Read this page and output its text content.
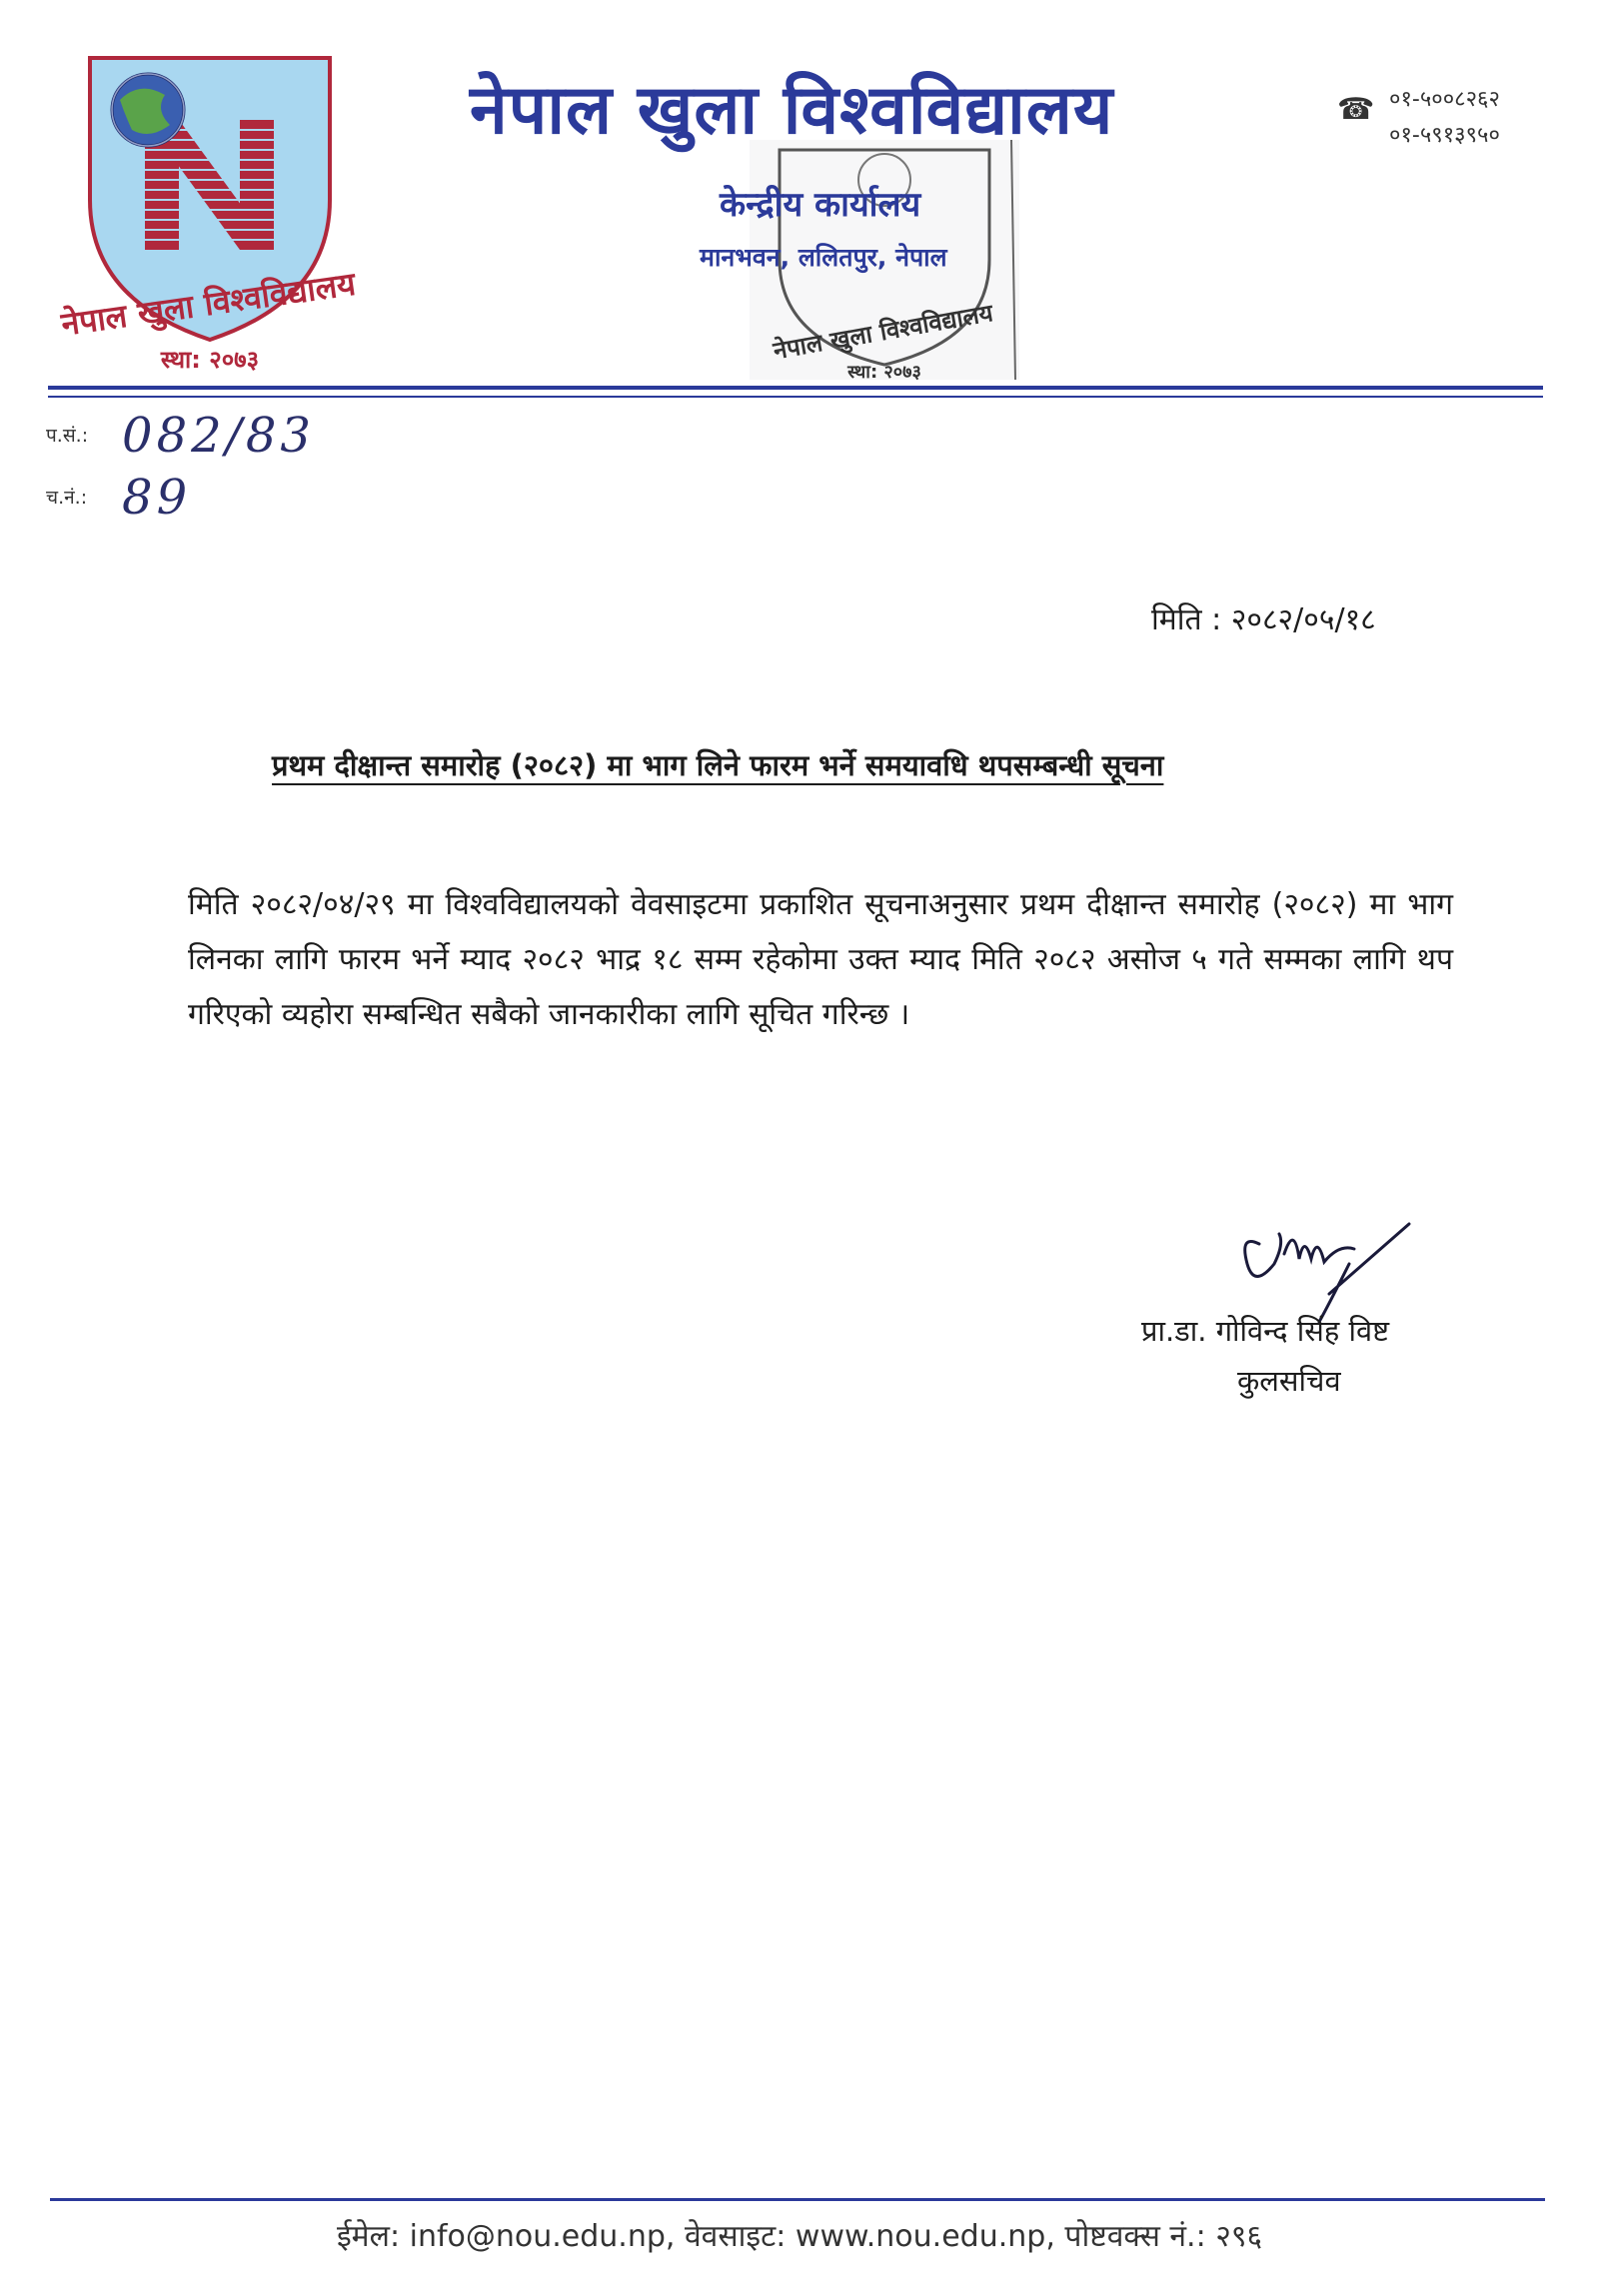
नेपाल खुला विश्वविद्यालय
स्था: २०७३	नेपाल खुला विश्वविद्यालय
स्था: २०७३
नेपाल खुला विश्वविद्यालय
केन्द्रीय कार्यालय
मानभवन, ललितपुर, नेपाल
☎ ०१-५००८२६२
०१-५९१३९५०
प.सं.: 082/83
च.नं.: 89
मिति : २०८२/०५/१८
प्रथम दीक्षान्त समारोह (२०८२) मा भाग लिने फारम भर्ने समयावधि थपसम्बन्धी सूचना
मिति २०८२/०४/२९ मा विश्वविद्यालयको वेवसाइटमा प्रकाशित सूचनाअनुसार प्रथम दीक्षान्त समारोह (२०८२) मा भाग लिनका लागि फारम भर्ने म्याद २०८२ भाद्र १८ सम्म रहेकोमा उक्त म्याद मिति २०८२ असोज ५ गते सम्मका लागि थप गरिएको व्यहोरा सम्बन्धित सबैको जानकारीका लागि सूचित गरिन्छ ।
प्रा.डा. गोविन्द सिंह विष्ट
कुलसचिव
ईमेल: info@nou.edu.np, वेवसाइट: www.nou.edu.np, पोष्टवक्स नं.: २९६
